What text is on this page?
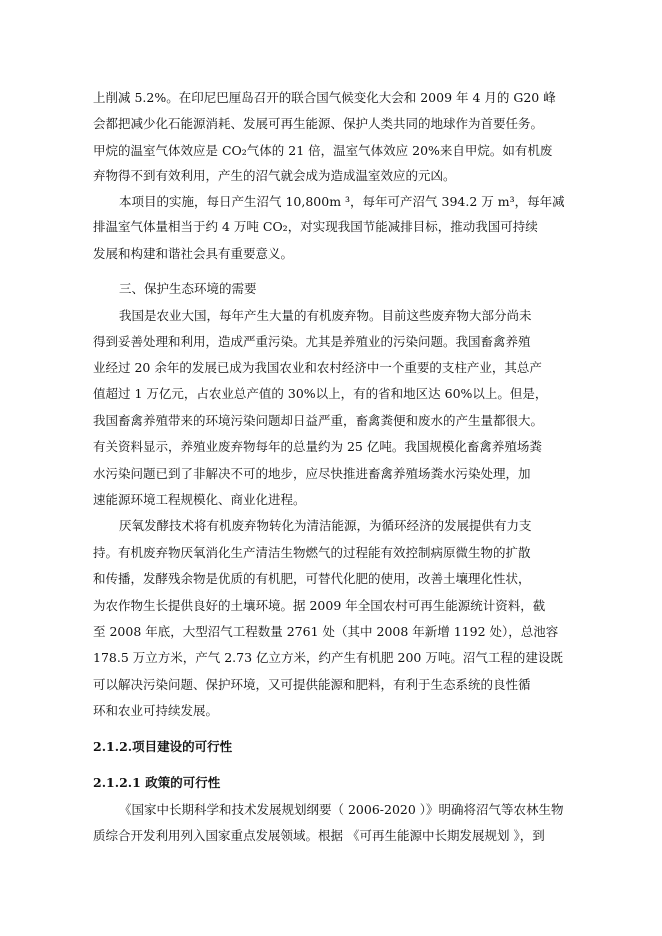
上削减 5.2%。在印尼巴厘岛召开的联合国气候变化大会和 2009 年 4 月的 G20 峰
会都把减少化石能源消耗、发展可再生能源、保护人类共同的地球作为首要任务。
甲烷的温室气体效应是 CO₂气体的 21 倍，温室气体效应 20%来自甲烷。如有机废
弃物得不到有效利用，产生的沼气就会成为造成温室效应的元凶。
本项目的实施，每日产生沼气 10,800m ³，每年可产沼气 394.2 万 m³，每年减
排温室气体量相当于约 4 万吨 CO₂，对实现我国节能减排目标，推动我国可持续
发展和构建和谐社会具有重要意义。
三、保护生态环境的需要
我国是农业大国，每年产生大量的有机废弃物。目前这些废弃物大部分尚未
得到妥善处理和利用，造成严重污染。尤其是养殖业的污染问题。我国畜禽养殖
业经过 20 余年的发展已成为我国农业和农村经济中一个重要的支柱产业，其总产
值超过 1 万亿元，占农业总产值的 30%以上，有的省和地区达 60%以上。但是，
我国畜禽养殖带来的环境污染问题却日益严重，畜禽粪便和废水的产生量都很大。
有关资料显示，养殖业废弃物每年的总量约为 25 亿吨。我国规模化畜禽养殖场粪
水污染问题已到了非解决不可的地步，应尽快推进畜禽养殖场粪水污染处理，加
速能源环境工程规模化、商业化进程。
厌氧发酵技术将有机废弃物转化为清洁能源，为循环经济的发展提供有力支
持。有机废弃物厌氧消化生产清洁生物燃气的过程能有效控制病原微生物的扩散
和传播，发酵残余物是优质的有机肥，可替代化肥的使用，改善土壤理化性状，
为农作物生长提供良好的土壤环境。据 2009 年全国农村可再生能源统计资料，截
至 2008 年底，大型沼气工程数量 2761 处（其中 2008 年新增 1192 处），总池容
178.5 万立方米，产气 2.73 亿立方米，约产生有机肥 200 万吨。沼气工程的建设既
可以解决污染问题、保护环境，又可提供能源和肥料，有利于生态系统的良性循
环和农业可持续发展。
2.1.2.项目建设的可行性
2.1.2.1 政策的可行性
《国家中长期科学和技术发展规划纲要（ 2006-2020 ）》明确将沼气等农林生物
质综合开发利用列入国家重点发展领域。根据 《可再生能源中长期发展规划 》，到
